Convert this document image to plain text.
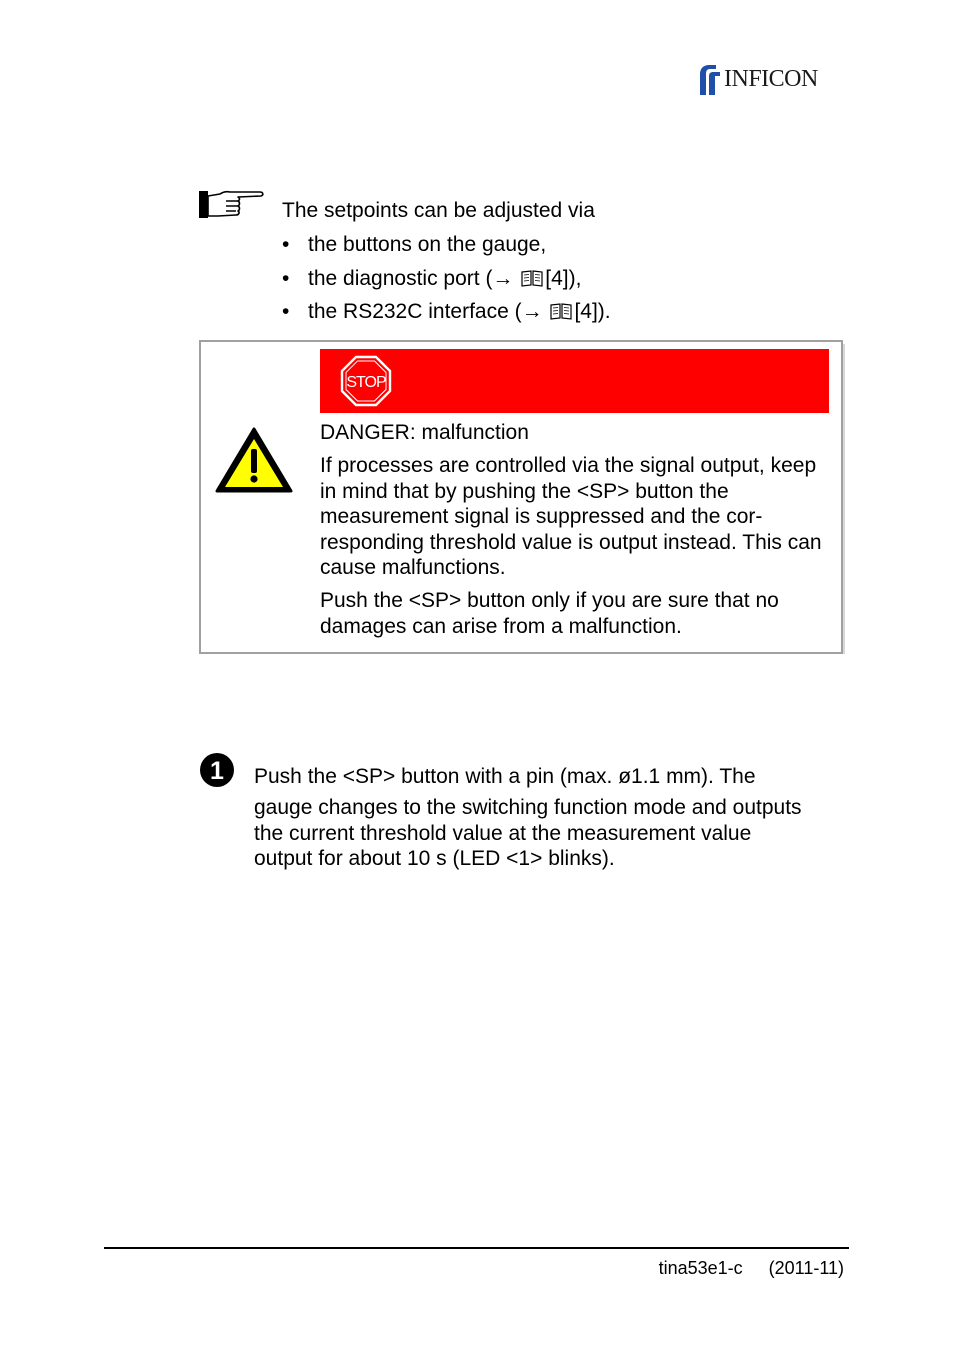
INFICON
The setpoints can be adjusted via
• the buttons on the gauge,
• the diagnostic port (→ [4]),
• the RS232C interface (→ [4]).
STOP
DANGER: malfunction

If processes are controlled via the signal output, keep in mind that by pushing the <SP> button the measurement signal is suppressed and the cor- responding threshold value is output instead. This can cause malfunctions.

Push the <SP> button only if you are sure that no damages can arise from a malfunction.

1 Push the <SP> button with a pin (max. ø1.1 mm). The
gauge changes to the switching function mode and outputs
the current threshold value at the measurement value
output for about 10 s (LED <1> blinks).

tina53e1-c (2011-11)
